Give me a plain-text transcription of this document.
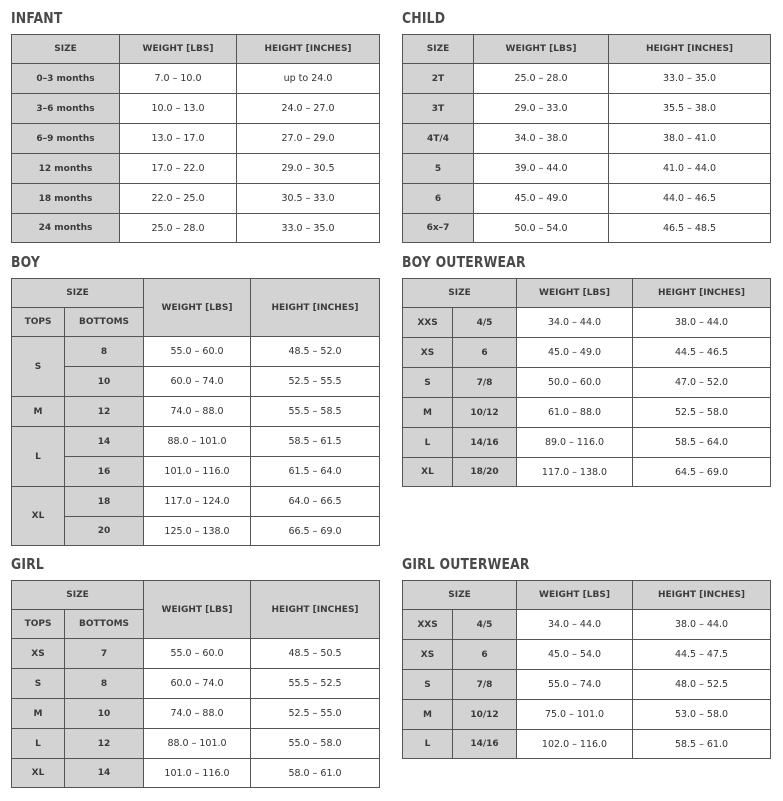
INFANT
SIZE	WEIGHT [LBS]	HEIGHT [INCHES]
0–3 months	7.0 – 10.0	up to 24.0
3–6 months	10.0 – 13.0	24.0 – 27.0
6–9 months	13.0 – 17.0	27.0 – 29.0
12 months	17.0 – 22.0	29.0 – 30.5
18 months	22.0 – 25.0	30.5 – 33.0
24 months	25.0 – 28.0	33.0 – 35.0
CHILD
SIZE	WEIGHT [LBS]	HEIGHT [INCHES]
2T	25.0 – 28.0	33.0 – 35.0
3T	29.0 – 33.0	35.5 – 38.0
4T/4	34.0 – 38.0	38.0 – 41.0
5	39.0 – 44.0	41.0 – 44.0
6	45.0 – 49.0	44.0 – 46.5
6x–7	50.0 – 54.0	46.5 – 48.5
BOY
SIZE		WEIGHT [LBS]	HEIGHT [INCHES]
TOPS	BOTTOMS		
S	8	55.0 – 60.0	48.5 – 52.0
	10	60.0 – 74.0	52.5 – 55.5
M	12	74.0 – 88.0	55.5 – 58.5
L	14	88.0 – 101.0	58.5 – 61.5
	16	101.0 – 116.0	61.5 – 64.0
XL	18	117.0 – 124.0	64.0 – 66.5
	20	125.0 – 138.0	66.5 – 69.0
BOY OUTERWEAR
SIZE		WEIGHT [LBS]	HEIGHT [INCHES]
XXS	4/5	34.0 – 44.0	38.0 – 44.0
XS	6	45.0 – 49.0	44.5 – 46.5
S	7/8	50.0 – 60.0	47.0 – 52.0
M	10/12	61.0 – 88.0	52.5 – 58.0
L	14/16	89.0 – 116.0	58.5 – 64.0
XL	18/20	117.0 – 138.0	64.5 – 69.0
GIRL
SIZE		WEIGHT [LBS]	HEIGHT [INCHES]
TOPS	BOTTOMS		
XS	7	55.0 – 60.0	48.5 – 50.5
S	8	60.0 – 74.0	55.5 – 52.5
M	10	74.0 – 88.0	52.5 – 55.0
L	12	88.0 – 101.0	55.0 – 58.0
XL	14	101.0 – 116.0	58.0 – 61.0
GIRL OUTERWEAR
SIZE		WEIGHT [LBS]	HEIGHT [INCHES]
XXS	4/5	34.0 – 44.0	38.0 – 44.0
XS	6	45.0 – 54.0	44.5 – 47.5
S	7/8	55.0 – 74.0	48.0 – 52.5
M	10/12	75.0 – 101.0	53.0 – 58.0
L	14/16	102.0 – 116.0	58.5 – 61.0
